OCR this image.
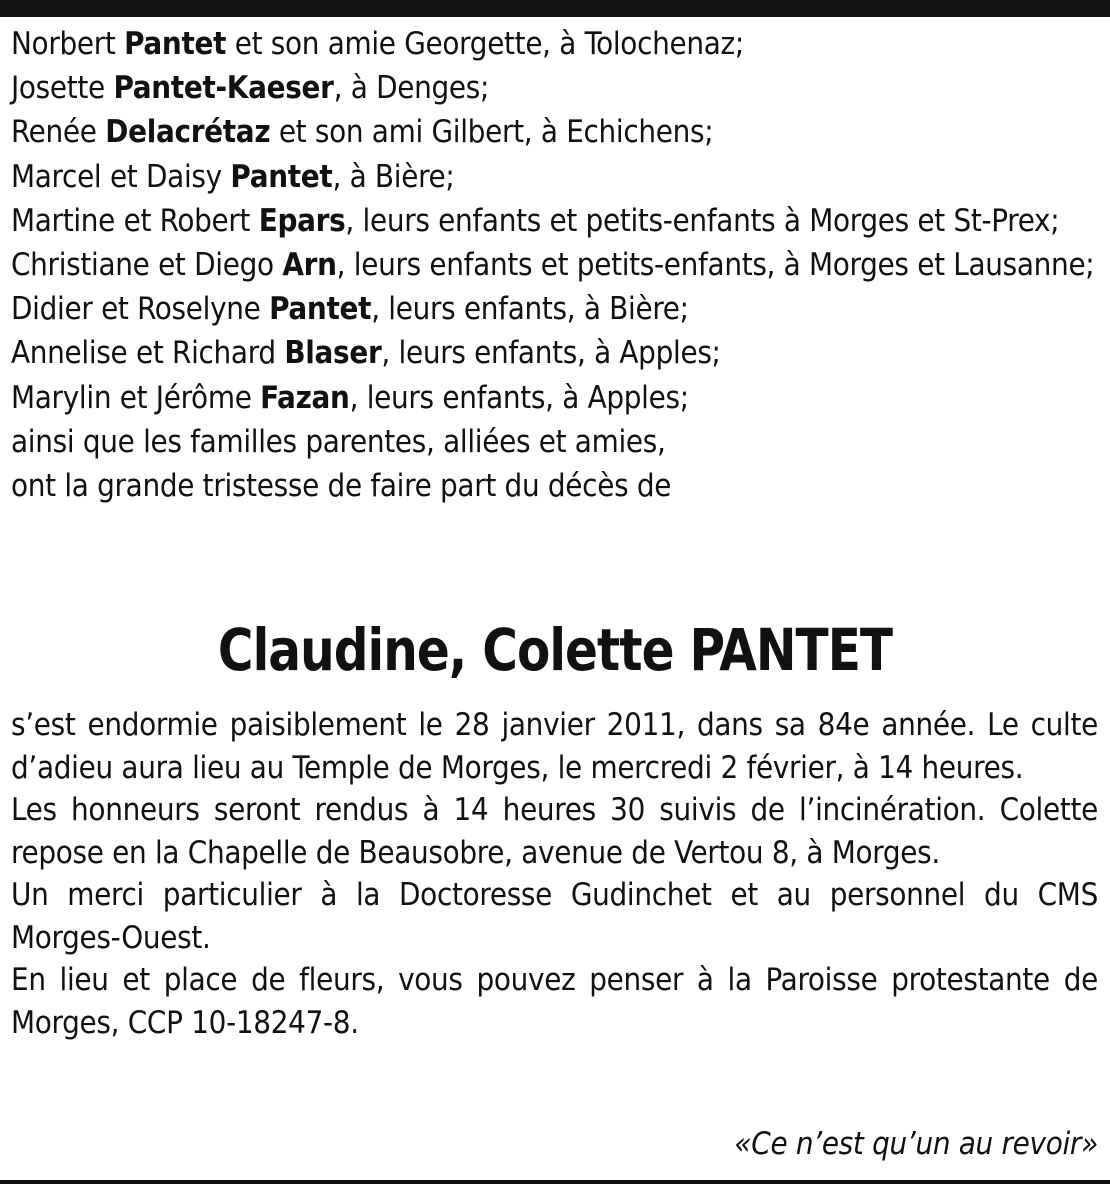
Norbert Pantet et son amie Georgette, à Tolochenaz;
Josette Pantet-Kaeser, à Denges;
Renée Delacrétaz et son ami Gilbert, à Echichens;
Marcel et Daisy Pantet, à Bière;
Martine et Robert Epars, leurs enfants et petits-enfants à Morges et St-Prex;
Christiane et Diego Arn, leurs enfants et petits-enfants, à Morges et Lausanne;
Didier et Roselyne Pantet, leurs enfants, à Bière;
Annelise et Richard Blaser, leurs enfants, à Apples;
Marylin et Jérôme Fazan, leurs enfants, à Apples;
ainsi que les familles parentes, alliées et amies,
ont la grande tristesse de faire part du décès de
Claudine, Colette PANTET

s’est endormie paisiblement le 28 janvier 2011, dans sa 84e année. Le culte d’adieu aura lieu au Temple de Morges, le mercredi 2 février, à 14 heures.

Les honneurs seront rendus à 14 heures 30 suivis de l’incinération. Colette repose en la Chapelle de Beausobre, avenue de Vertou 8, à Morges.

Un merci particulier à la Doctoresse Gudinchet et au personnel du CMS Morges-Ouest.

En lieu et place de fleurs, vous pouvez penser à la Paroisse protestante de Morges, CCP 10-18247-8.

«Ce n’est qu’un au revoir»
